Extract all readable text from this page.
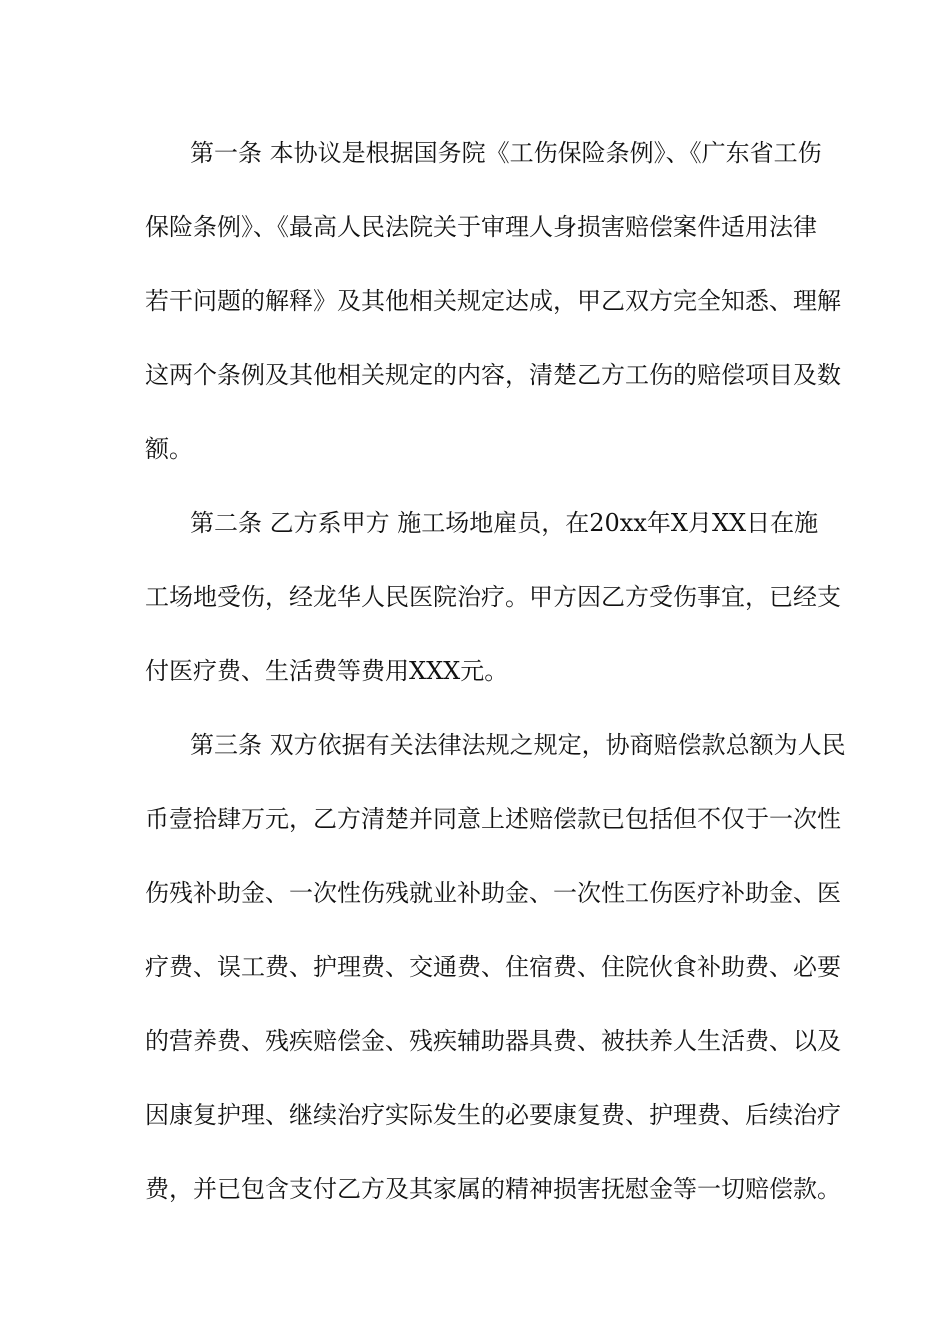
第一条 本协议是根据国务院《工伤保险条例》、《广东省工伤
保险条例》、《最高人民法院关于审理人身损害赔偿案件适用法律
若干问题的解释》及其他相关规定达成，甲乙双方完全知悉、理解
这两个条例及其他相关规定的内容，清楚乙方工伤的赔偿项目及数
额。
第二条 乙方系甲方 施工场地雇员，在20xx年X月XX日在施
工场地受伤，经龙华人民医院治疗。甲方因乙方受伤事宜，已经支
付医疗费、生活费等费用XXX元。
第三条 双方依据有关法律法规之规定，协商赔偿款总额为人民
币壹拾肆万元，乙方清楚并同意上述赔偿款已包括但不仅于一次性
伤残补助金、一次性伤残就业补助金、一次性工伤医疗补助金、医
疗费、误工费、护理费、交通费、住宿费、住院伙食补助费、必要
的营养费、残疾赔偿金、残疾辅助器具费、被扶养人生活费、以及
因康复护理、继续治疗实际发生的必要康复费、护理费、后续治疗
费，并已包含支付乙方及其家属的精神损害抚慰金等一切赔偿款。
